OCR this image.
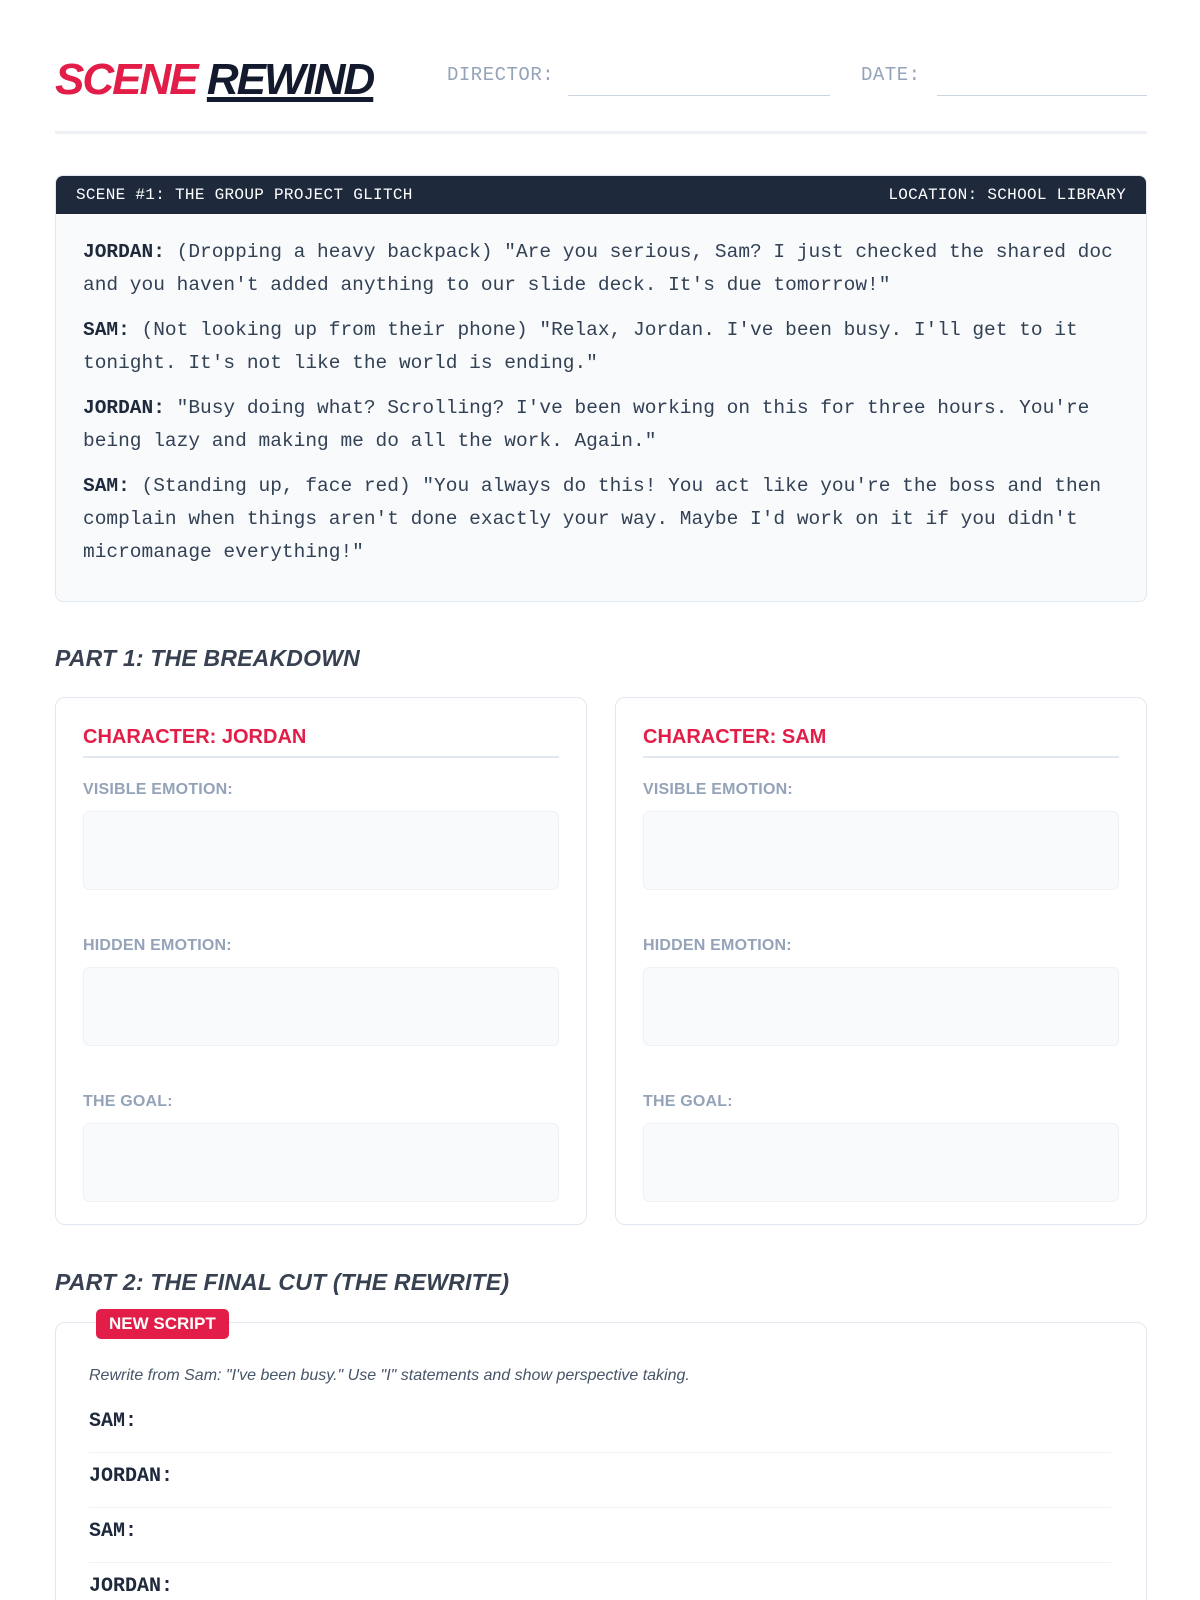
SCENE REWIND	DIRECTOR:	DATE:
SCENE #1: THE GROUP PROJECT GLITCH	LOCATION: SCHOOL LIBRARY

JORDAN: (Dropping a heavy backpack) "Are you serious, Sam? I just checked the shared doc and you haven't added anything to our slide deck. It's due tomorrow!"

SAM: (Not looking up from their phone) "Relax, Jordan. I've been busy. I'll get to it tonight. It's not like the world is ending."

JORDAN: "Busy doing what? Scrolling? I've been working on this for three hours. You're being lazy and making me do all the work. Again."

SAM: (Standing up, face red) "You always do this! You act like you're the boss and then complain when things aren't done exactly your way. Maybe I'd work on it if you didn't micromanage everything!"

PART 1: THE BREAKDOWN
CHARACTER: JORDAN
VISIBLE EMOTION:
HIDDEN EMOTION:
THE GOAL:
CHARACTER: SAM
VISIBLE EMOTION:
HIDDEN EMOTION:
THE GOAL:
PART 2: THE FINAL CUT (THE REWRITE)
NEW SCRIPT
Rewrite from Sam: "I've been busy." Use "I" statements and show perspective taking.
SAM:
JORDAN:
SAM:
JORDAN:
